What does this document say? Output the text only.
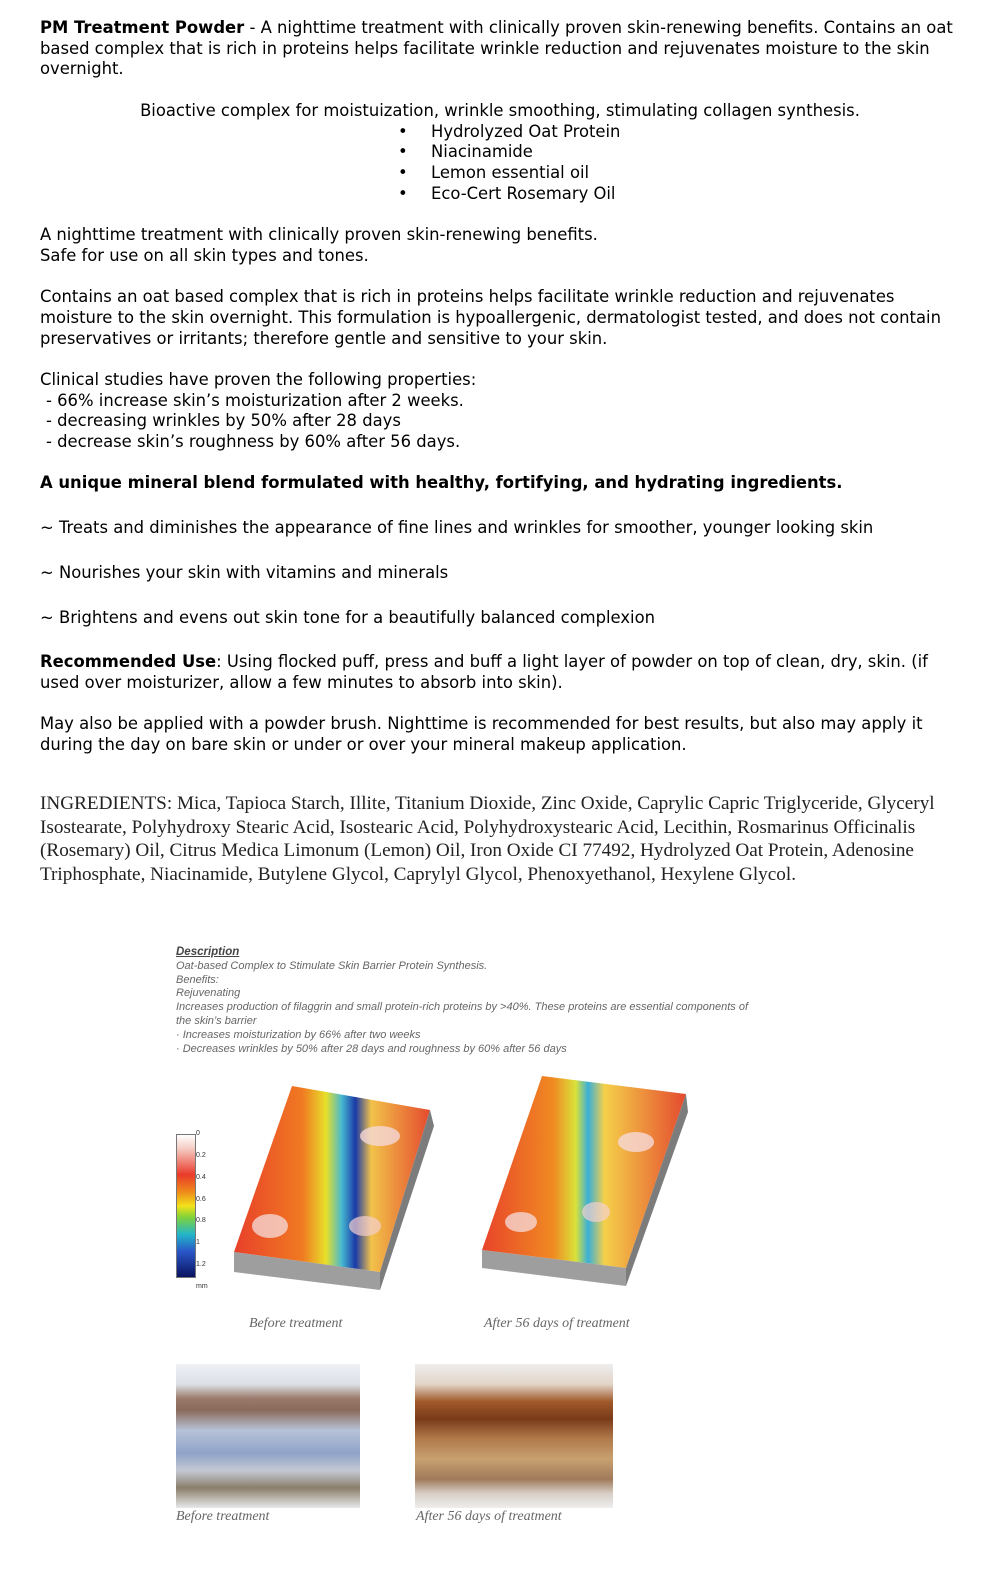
PM Treatment Powder - A nighttime treatment with clinically proven skin-renewing benefits. Contains an oat based complex that is rich in proteins helps facilitate wrinkle reduction and rejuvenates moisture to the skin overnight.

Bioactive complex for moistuization, wrinkle smoothing, stimulating collagen synthesis.

• Hydrolyzed Oat Protein
• Niacinamide
• Lemon essential oil
• Eco-Cert Rosemary Oil

A nighttime treatment with clinically proven skin-renewing benefits.

Safe for use on all skin types and tones.

Contains an oat based complex that is rich in proteins helps facilitate wrinkle reduction and rejuvenates moisture to the skin overnight. This formulation is hypoallergenic, dermatologist tested, and does not contain preservatives or irritants; therefore gentle and sensitive to your skin.

Clinical studies have proven the following properties:

- 66% increase skin’s moisturization after 2 weeks.

- decreasing wrinkles by 50% after 28 days

- decrease skin’s roughness by 60% after 56 days.

A unique mineral blend formulated with healthy, fortifying, and hydrating ingredients.

~ Treats and diminishes the appearance of fine lines and wrinkles for smoother, younger looking skin

~ Nourishes your skin with vitamins and minerals

~ Brightens and evens out skin tone for a beautifully balanced complexion

Recommended Use: Using flocked puff, press and buff a light layer of powder on top of clean, dry, skin. (if used over moisturizer, allow a few minutes to absorb into skin).

May also be applied with a powder brush. Nighttime is recommended for best results, but also may apply it during the day on bare skin or under or over your mineral makeup application.

INGREDIENTS: Mica, Tapioca Starch, Illite, Titanium Dioxide, Zinc Oxide, Caprylic Capric Triglyceride, Glyceryl Isostearate, Polyhydroxy Stearic Acid, Isostearic Acid, Polyhydroxystearic Acid, Lecithin, Rosmarinus Officinalis (Rosemary) Oil, Citrus Medica Limonum (Lemon) Oil, Iron Oxide CI 77492, Hydrolyzed Oat Protein, Adenosine Triphosphate, Niacinamide, Butylene Glycol, Caprylyl Glycol, Phenoxyethanol, Hexylene Glycol.

Description
Oat-based Complex to Stimulate Skin Barrier Protein Synthesis.
Benefits:
Rejuvenating
Increases production of filaggrin and small protein-rich proteins by >40%. These proteins are essential components of
the skin’s barrier
· Increases moisturization by 66% after two weeks
· Decreases wrinkles by 50% after 28 days and roughness by 60% after 56 days
0
0.2
0.4
0.6
0.8
1
1.2
mm
Before treatment	After 56 days of treatment
Before treatment	After 56 days of treatment
